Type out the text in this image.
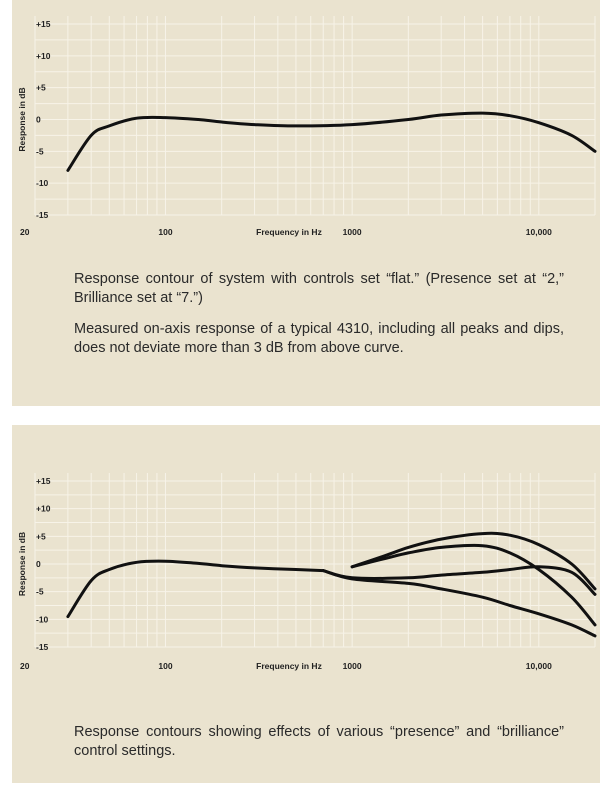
+15
+10
+5
0
-5
-10
-15
20	100	1000	10,000
Frequency in Hz
Response in dB

Response contour of system with controls set “flat.” (Presence set at “2,” Brilliance set at “7.”)

Measured on-axis response of a typical 4310, including all peaks and dips, does not deviate more than 3 dB from above curve.

+15
+10
+5
0
-5
-10
-15
20	100	1000	10,000
Frequency in Hz
Response in dB

Response contours showing effects of various “presence” and “brilliance” control settings.
